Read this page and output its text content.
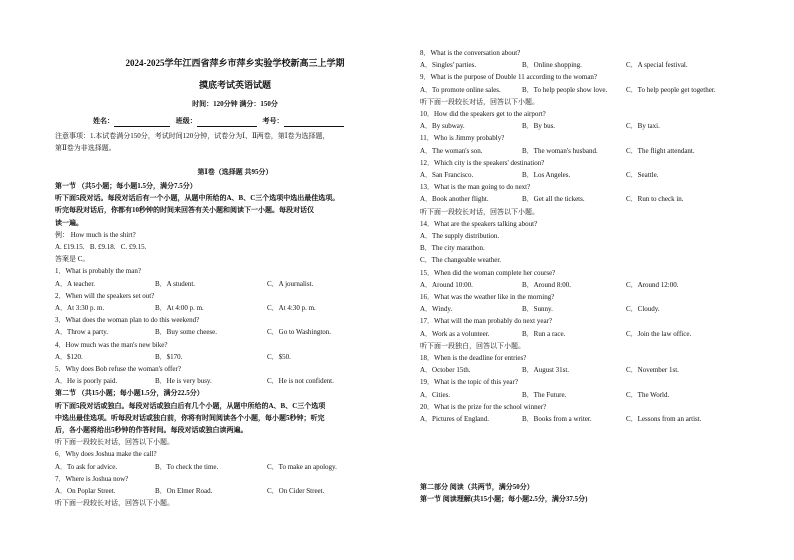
2024-2025学年江西省萍乡市萍乡实验学校新高三上学期
摸底考试英语试题
时间：120分钟 满分：150分
姓名：	班级：	考号：
注意事项：1.本试卷满分150分，考试时间120分钟，试卷分为Ⅰ、Ⅱ两卷，第Ⅰ卷为选择题，
第Ⅱ卷为非选择题。
第Ⅰ卷（选择题 共95分）
第一节 （共5小题；每小题1.5分，满分7.5分）
听下面5段对话。每段对话后有一个小题，从题中所给的A、B、C三个选项中选出最佳选项。
听完每段对话后，你都有10秒钟的时间来回答有关小题和阅读下一小题。每段对话仅
读一遍。
例： How much is the shirt?
A. £19.15. B. £9.18. C. £9.15.
答案是 C。
1．What is probably the man?
A．A teacher.	B．A student.	C．A journalist.
2．When will the speakers set out?
A．At 3:30 p. m.	B．At 4:00 p. m.	C．At 4:30 p. m.
3．What does the woman plan to do this weekend?
A．Throw a party.	B．Buy some cheese.	C．Go to Washington.
4．How much was the man's new bike?
A．$120.	B．$170.	C．$50.
5．Why does Bob refuse the woman's offer?
A．He is poorly paid.	B．He is very busy.	C．He is not confident.
第二节 （共15小题；每小题1.5分，满分22.5分）
听下面5段对话或独白。每段对话或独白后有几个小题，从题中所给的A、B、C三个选项
中选出最佳选项。听每段对话或独白前，你将有时间阅读各个小题，每小题5秒钟；听完
后，各小题将给出5秒钟的作答时间。每段对话或独白读两遍。
听下面一段较长对话，回答以下小题。
6．Why does Joshua make the call?
A．To ask for advice.	B．To check the time.	C．To make an apology.
7．Where is Joshua now?
A．On Poplar Street.	B．On Elmer Road.	C．On Cider Street.
听下面一段较长对话，回答以下小题。
8．What is the conversation about?
A．Singles' parties.	B．Online shopping.	C．A special festival.
9．What is the purpose of Double 11 according to the woman?
A．To promote online sales.	B．To help people show love.	C．To help people get together.
听下面一段较长对话，回答以下小题。
10．How did the speakers get to the airport?
A．By subway.	B．By bus.	C．By taxi.
11．Who is Jimmy probably?
A．The woman's son.	B．The woman's husband.	C．The flight attendant.
12．Which city is the speakers' destination?
A．San Francisco.	B．Los Angeles.	C．Seattle.
13．What is the man going to do next?
A．Book another flight.	B．Get all the tickets.	C．Run to check in.
听下面一段较长对话，回答以下小题。
14．What are the speakers talking about?
A．The supply distribution.
B．The city marathon.
C．The changeable weather.
15．When did the woman complete her course?
A．Around 10:00.	B．Around 8:00.	C．Around 12:00.
16．What was the weather like in the morning?
A．Windy.	B．Sunny.	C．Cloudy.
17．What will the man probably do next year?
A．Work as a volunteer.	B．Run a race.	C．Join the law office.
听下面一段独白，回答以下小题。
18．When is the deadline for entries?
A．October 15th.	B．August 31st.	C．November 1st.
19．What is the topic of this year?
A．Cities.	B．The Future.	C．The World.
20．What is the prize for the school winner?
A．Pictures of England.	B．Books from a writer.	C．Lessons from an artist.
第二部分 阅读（共两节，满分50分）
第一节 阅读理解(共15小题；每小题2.5分，满分37.5分)
